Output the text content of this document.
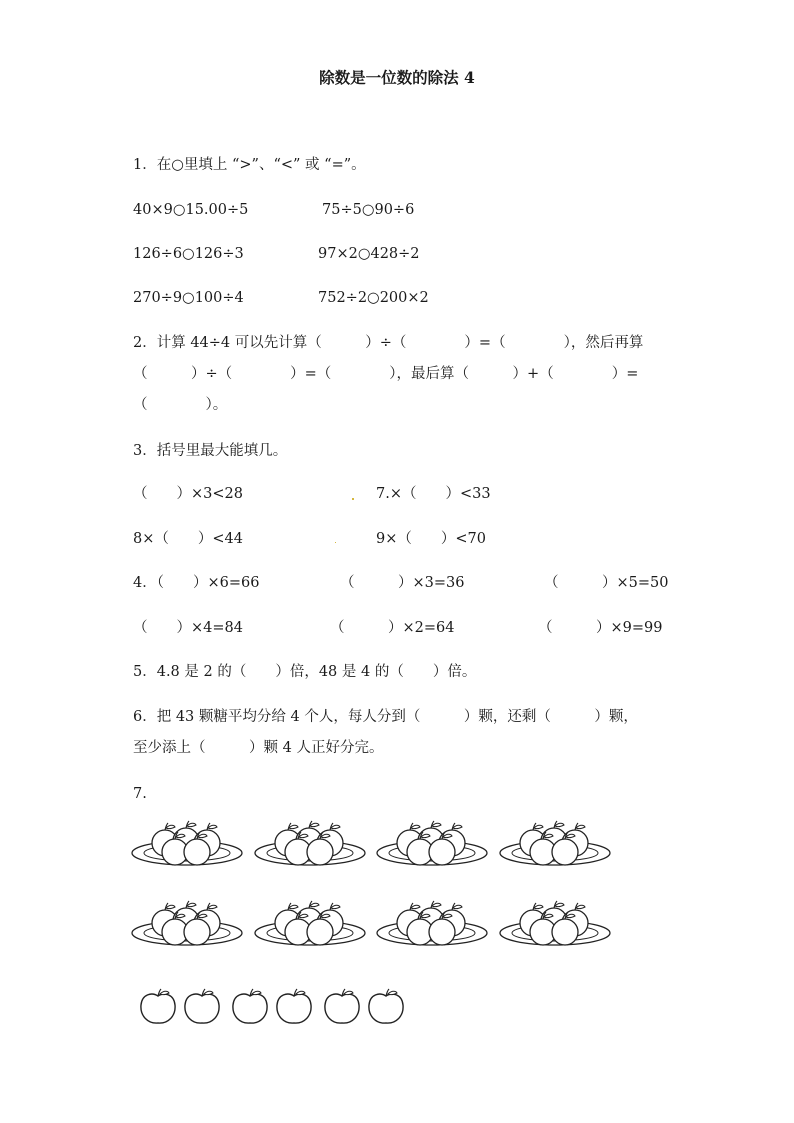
除数是一位数的除法 4
1．在○里填上 “>”、“<” 或 “=”。
40×9○15.00÷5	75÷5○90÷6
126÷6○126÷3	97×2○428÷2
270÷9○100÷4	752÷2○200×2
2．计算 44÷4 可以先计算（　　　）÷（　　　　）=（　　　　），然后再算
（　　　）÷（　　　　）=（　　　　），最后算（　　　）+（　　　　）=
（　　　　）。
3．括号里最大能填几。
（　　）×3<28	7.×（　　）<33
8×（　　）<44	9×（　　）<70
4．（　　）×6=66	（　　　）×3=36	（　　　）×5=50
（　　）×4=84	（　　　）×2=64	（　　　）×9=99
5．4.8 是 2 的（　　）倍，48 是 4 的（　　）倍。
6．把 43 颗糖平均分给 4 个人，每人分到（　　　）颗，还剩（　　　）颗，
至少添上（　　　）颗 4 人正好分完。
7.
